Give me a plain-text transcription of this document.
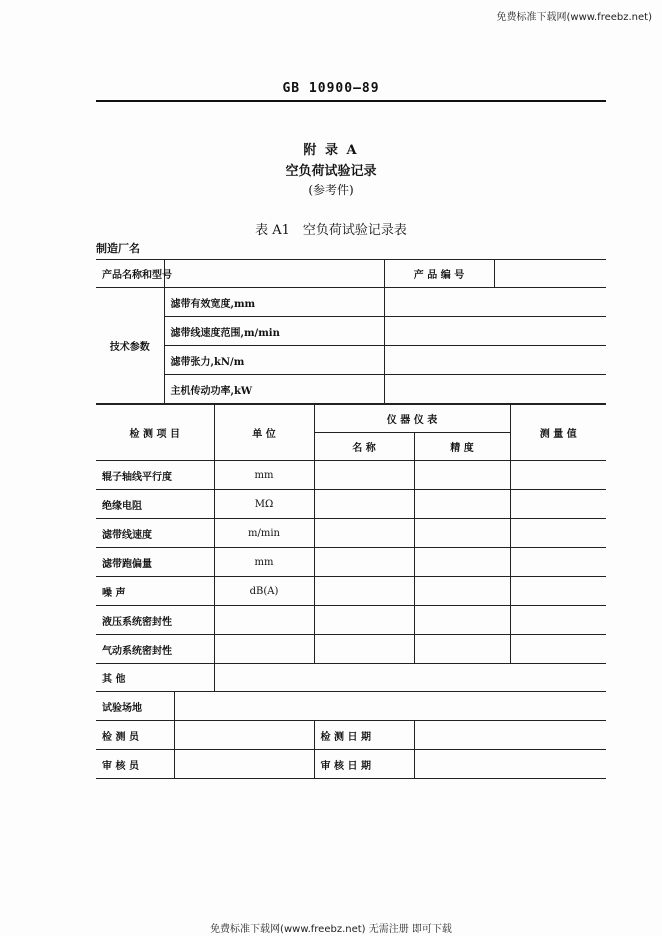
免费标准下载网(www.freebz.net)
GB 10900—89
附 录 A
空负荷试验记录
(参考件)
表 A1　空负荷试验记录表
制造厂名
产品名称和型号		产 品 编 号	
技术参数	滤带有效宽度,mm		
	滤带线速度范围,m/min		
	滤带张力,kN/m		
	主机传动功率,kW		
检 测 项 目		单 位	仪 器 仪 表		测 量 值
			名 称	精 度	
辊子轴线平行度		mm			
绝缘电阻		MΩ			
滤带线速度		m/min			
滤带跑偏量		mm			
噪 声		dB(A)			
液压系统密封性					
气动系统密封性					
其 他					
试验场地					
检 测 员			检 测 日 期		
审 核 员			审 核 日 期		
免费标准下载网(www.freebz.net) 无需注册 即可下载
